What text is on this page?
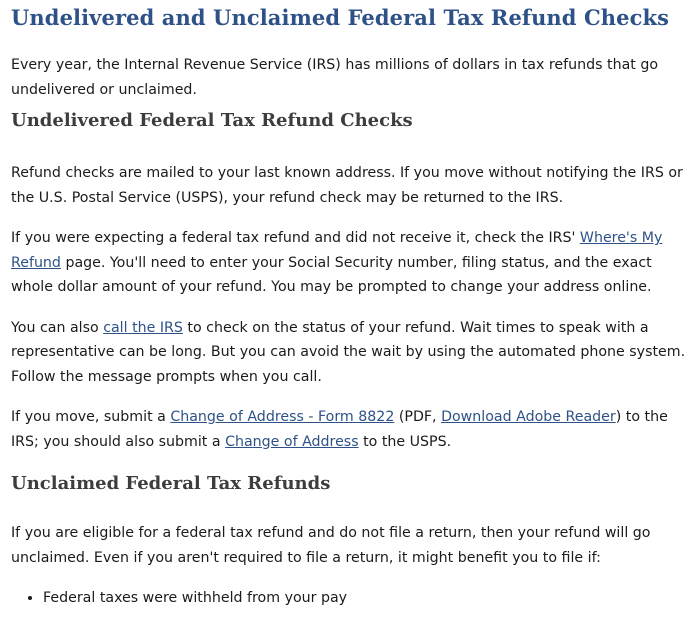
Undelivered and Unclaimed Federal Tax Refund Checks

Every year, the Internal Revenue Service (IRS) has millions of dollars in tax refunds that go undelivered or unclaimed.

Undelivered Federal Tax Refund Checks

Refund checks are mailed to your last known address. If you move without notifying the IRS or the U.S. Postal Service (USPS), your refund check may be returned to the IRS.

If you were expecting a federal tax refund and did not receive it, check the IRS' Where's My Refund page. You'll need to enter your Social Security number, filing status, and the exact whole dollar amount of your refund. You may be prompted to change your address online.

You can also call the IRS to check on the status of your refund. Wait times to speak with a representative can be long. But you can avoid the wait by using the automated phone system. Follow the message prompts when you call.

If you move, submit a Change of Address - Form 8822 (PDF, Download Adobe Reader) to the IRS; you should also submit a Change of Address to the USPS.

Unclaimed Federal Tax Refunds

If you are eligible for a federal tax refund and do not file a return, then your refund will go unclaimed. Even if you aren't required to file a return, it might benefit you to file if:

• Federal taxes were withheld from your pay
